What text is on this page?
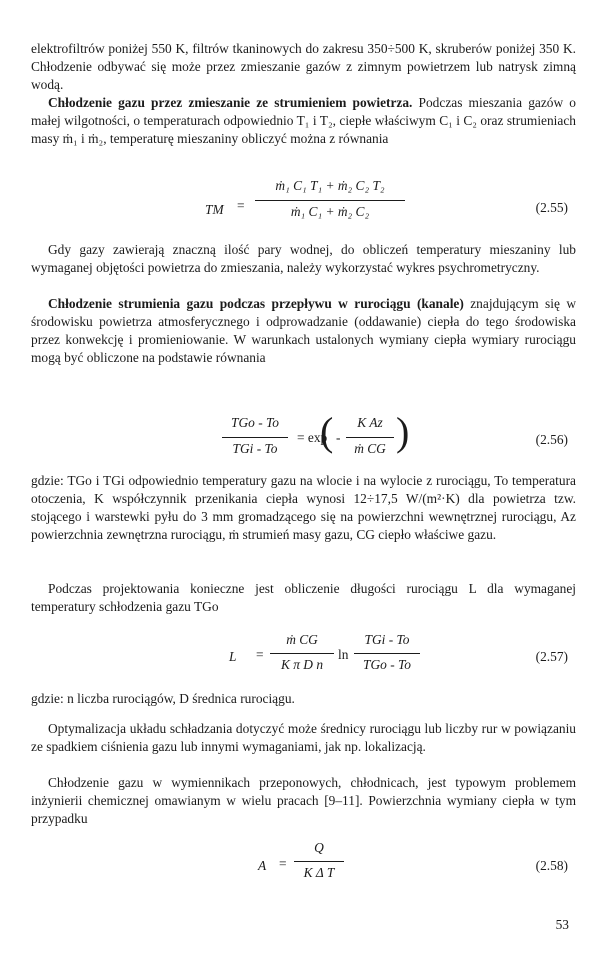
elektrofiltrów poniżej 550 K, filtrów tkaninowych do zakresu 350÷500 K, skruberów poniżej 350 K. Chłodzenie odbywać się może przez zmieszanie gazów z zimnym powietrzem lub natrysk zimną wodą.

Chłodzenie gazu przez zmieszanie ze strumieniem powietrza. Podczas mieszania gazów o małej wilgotności, o temperaturach odpowiednio T₁ i T₂, ciepłe właściwym C₁ i C₂ oraz strumieniach masy ṁ₁ i ṁ₂, temperaturę mieszaniny obliczyć można z równania

TM =
ṁ₁ C₁ T₁ + ṁ₂ C₂ T₂
ṁ₁ C₁ + ṁ₂ C₂	(2.55)

Gdy gazy zawierają znaczną ilość pary wodnej, do obliczeń temperatury mieszaniny lub wymaganej objętości powietrza do zmieszania, należy wykorzystać wykres psychrometryczny.

Chłodzenie strumienia gazu podczas przepływu w rurociągu (kanale) znajdującym się w środowisku powietrza atmosferycznego i odprowadzanie (oddawanie) ciepła do tego środowiska przez konwekcję i promieniowanie. W warunkach ustalonych wymiany ciepła wymiary rurociągu mogą być obliczone na podstawie równania

TGo - To
TGi - To
= exp
( -
K Az
ṁ CG )	(2.56)

gdzie: TGo i TGi odpowiednio temperatury gazu na wlocie i na wylocie z rurociągu, To temperatura otoczenia, K współczynnik przenikania ciepła wynosi 12÷17,5 W/(m²·K) dla powietrza tzw. stojącego i warstewki pyłu do 3 mm gromadzącego się na powierzchni wewnętrznej rurociągu, Az powierzchnia zewnętrzna rurociągu, ṁ strumień masy gazu, CG ciepło właściwe gazu.

Podczas projektowania konieczne jest obliczenie długości rurociągu L dla wymaganej temperatury schłodzenia gazu TGo

L =
ṁ CG
K π D n
ln
TGi - To
TGo - To
(2.57)

gdzie: n liczba rurociągów, D średnica rurociągu.

Optymalizacja układu schładzania dotyczyć może średnicy rurociągu lub liczby rur w powiązaniu ze spadkiem ciśnienia gazu lub innymi wymaganiami, jak np. lokalizacją.

Chłodzenie gazu w wymiennikach przeponowych, chłodnicach, jest typowym problemem inżynierii chemicznej omawianym w wielu pracach [9–11]. Powierzchnia wymiany ciepła w tym przypadku

A =
Q
K Δ T	(2.58)
53
